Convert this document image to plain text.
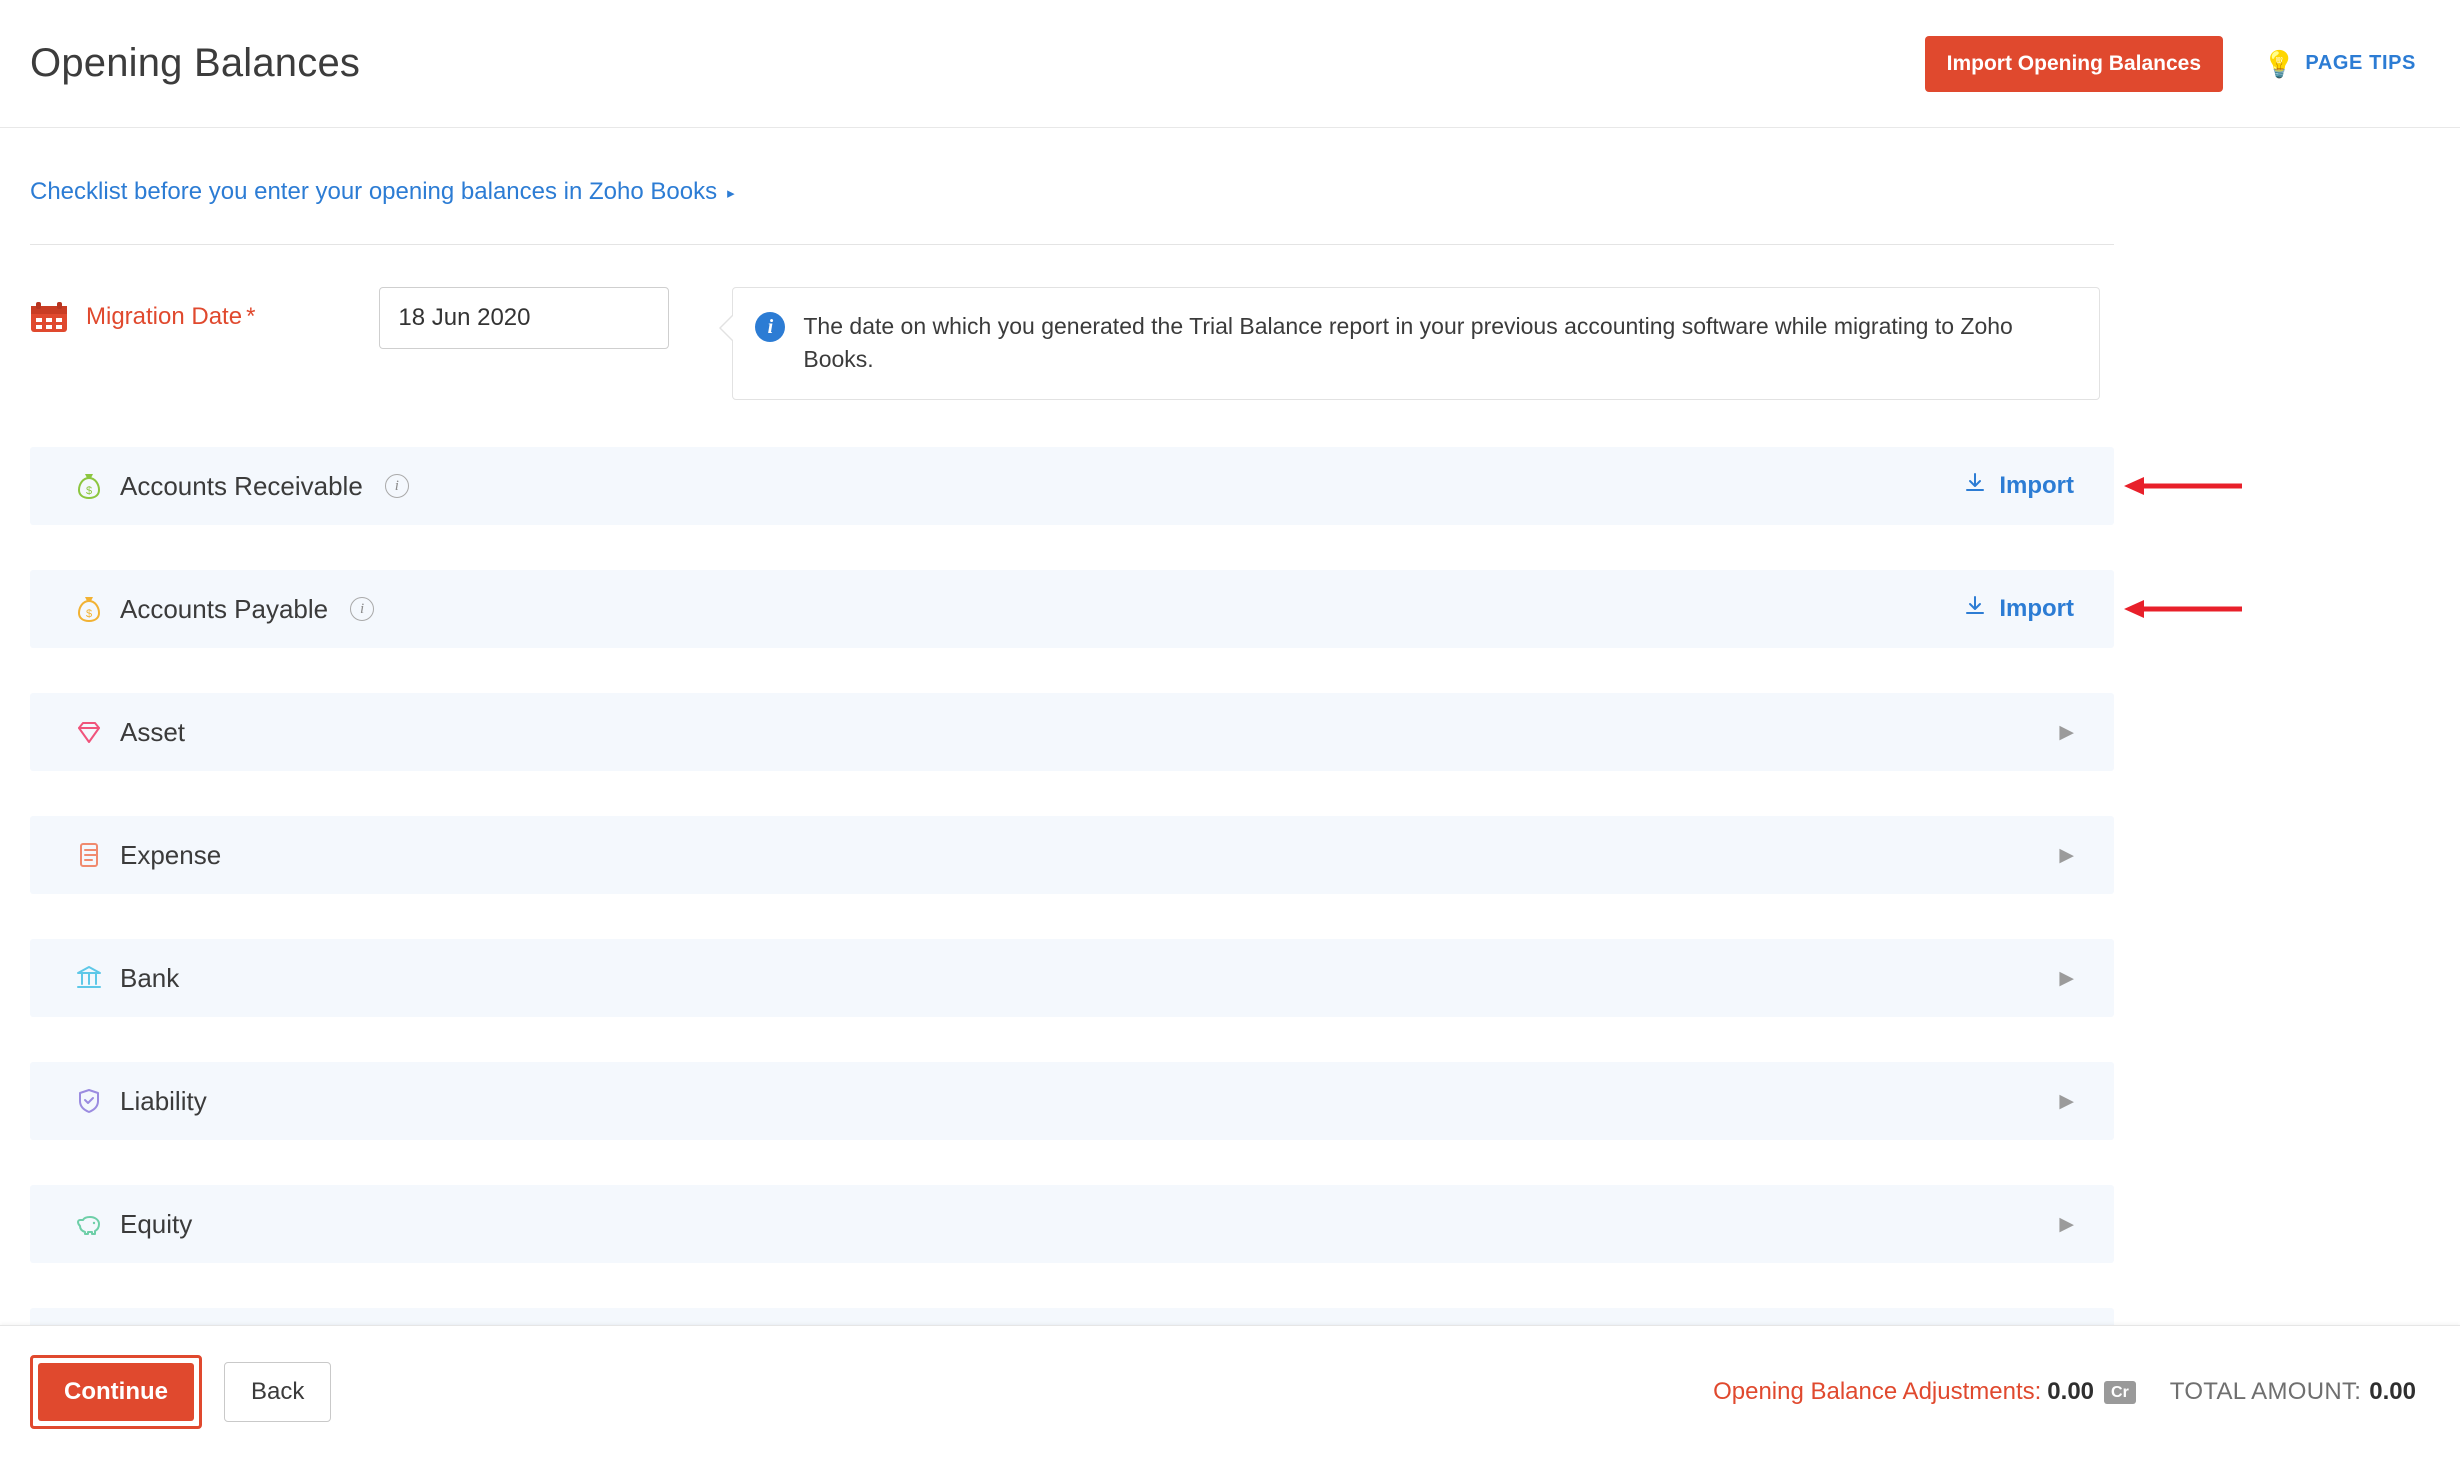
Opening Balances	Import Opening Balances	💡 PAGE TIPS
Checklist before you enter your opening balances in Zoho Books ▸
Migration Date *
18 Jun 2020	i	The date on which you generated the Trial Balance report in your previous accounting software while migrating to Zoho Books.
$ Accounts Receivable	i	Import
$ Accounts Payable	i	Import
Asset	▶
Expense	▶
Bank	▶
Liability	▶
Equity	▶
Continue	Back	Opening Balance Adjustments: 0.00 Cr TOTAL AMOUNT: 0.00
